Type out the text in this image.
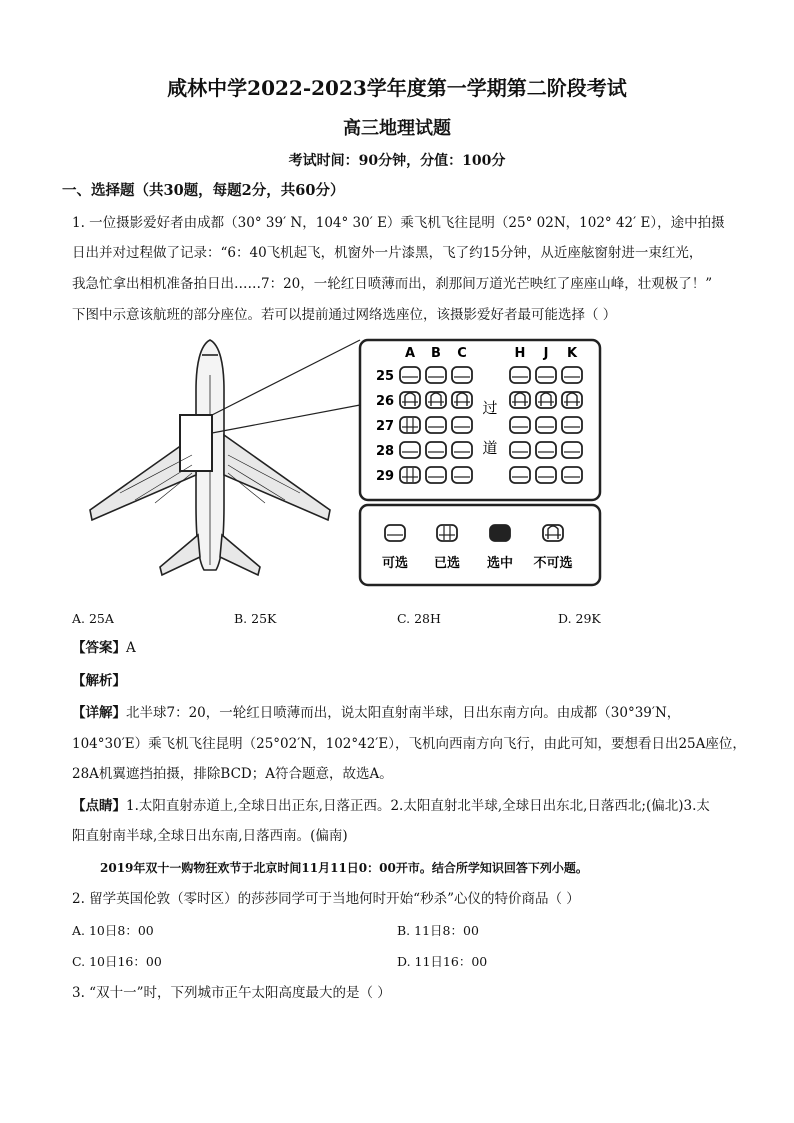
咸林中学2022-2023学年度第一学期第二阶段考试
高三地理试题
考试时间：90分钟，分值：100分
一、选择题（共30题，每题2分，共60分）
1. 一位摄影爱好者由成都（30° 39′ N，104° 30′ E）乘飞机飞往昆明（25° 02N，102° 42′ E），途中拍摄
日出并对过程做了记录：“6：40飞机起飞，机窗外一片漆黑，飞了约15分钟，从近座舷窗射进一束红光，
我急忙拿出相机准备拍日出……7：20，一轮红日喷薄而出，刹那间万道光芒映红了座座山峰，壮观极了！”
下图中示意该航班的部分座位。若可以提前通过网络选座位，该摄影爱好者最可能选择（ ）
A B C	H J K
25
26
27
28
29
过
道
可选 已选 选中 不可选
A. 25A	B. 25K	C. 28H	D. 29K
【答案】A
【解析】
【详解】北半球7：20，一轮红日喷薄而出，说太阳直射南半球，日出东南方向。由成都（30°39′N，
104°30′E）乘飞机飞往昆明（25°02′N，102°42′E），飞机向西南方向飞行，由此可知，要想看日出25A座位，
28A机翼遮挡拍摄，排除BCD；A符合题意，故选A。
【点睛】1.太阳直射赤道上,全球日出正东,日落正西。2.太阳直射北半球,全球日出东北,日落西北;(偏北)3.太
阳直射南半球,全球日出东南,日落西南。(偏南)
2019年双十一购物狂欢节于北京时间11月11日0：00开市。结合所学知识回答下列小题。
2. 留学英国伦敦（零时区）的莎莎同学可于当地何时开始“秒杀”心仪的特价商品（ ）
A. 10日8：00	B. 11日8：00
C. 10日16：00	D. 11日16：00
3. “双十一”时，下列城市正午太阳高度最大的是（ ）
